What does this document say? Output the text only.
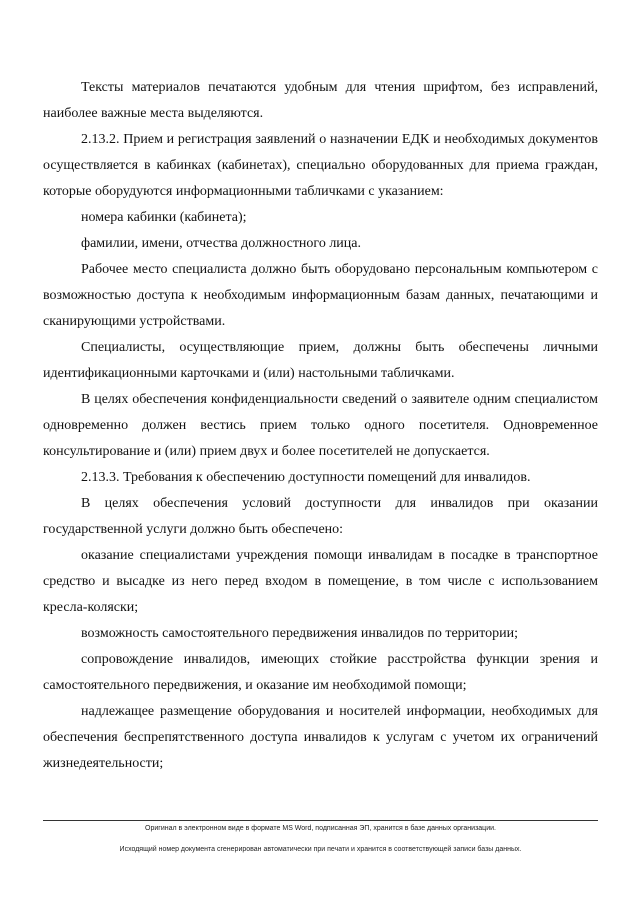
Тексты материалов печатаются удобным для чтения шрифтом, без исправлений, наиболее важные места выделяются.

2.13.2. Прием и регистрация заявлений о назначении ЕДК и необходимых документов осуществляется в кабинках (кабинетах), специально оборудованных для приема граждан, которые оборудуются информационными табличками с указанием:

номера кабинки (кабинета);

фамилии, имени, отчества должностного лица.

Рабочее место специалиста должно быть оборудовано персональным компьютером с возможностью доступа к необходимым информационным базам данных, печатающими и сканирующими устройствами.

Специалисты, осуществляющие прием, должны быть обеспечены личными идентификационными карточками и (или) настольными табличками.

В целях обеспечения конфиденциальности сведений о заявителе одним специалистом одновременно должен вестись прием только одного посетителя. Одновременное консультирование и (или) прием двух и более посетителей не допускается.

2.13.3. Требования к обеспечению доступности помещений для инвалидов.

В целях обеспечения условий доступности для инвалидов при оказании государственной услуги должно быть обеспечено:

оказание специалистами учреждения помощи инвалидам в посадке в транспортное средство и высадке из него перед входом в помещение, в том числе с использованием кресла-коляски;

возможность самостоятельного передвижения инвалидов по территории;

сопровождение инвалидов, имеющих стойкие расстройства функции зрения и самостоятельного передвижения, и оказание им необходимой помощи;

надлежащее размещение оборудования и носителей информации, необходимых для обеспечения беспрепятственного доступа инвалидов к услугам с учетом их ограничений жизнедеятельности;

Оригинал в электронном виде в формате MS Word, подписанная ЭП, хранится в базе данных организации.
Исходящий номер документа сгенерирован автоматически при печати и хранится в соответствующей записи базы данных.
